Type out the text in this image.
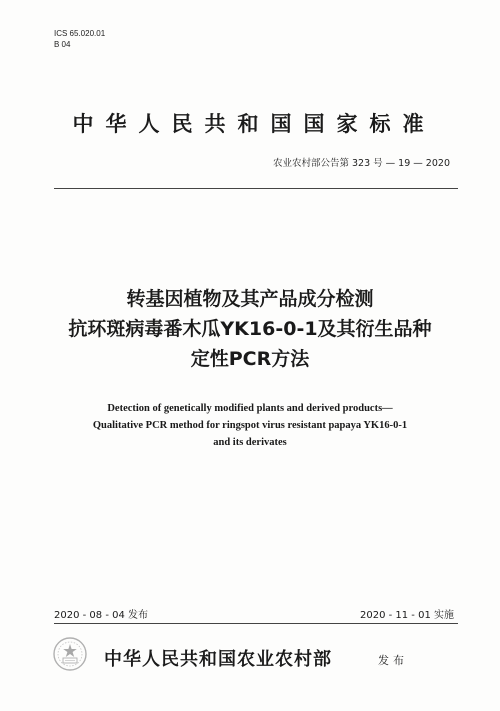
ICS 65.020.01
B 04
中华人民共和国国家标准
农业农村部公告第 323 号 — 19 — 2020
转基因植物及其产品成分检测
抗环斑病毒番木瓜YK16-0-1及其衍生品种
定性PCR方法
Detection of genetically modified plants and derived products—
Qualitative PCR method for ringspot virus resistant papaya YK16-0-1
and its derivates
2020 - 08 - 04 发布	2020 - 11 - 01 实施
中华人民共和国农业农村部	发布
